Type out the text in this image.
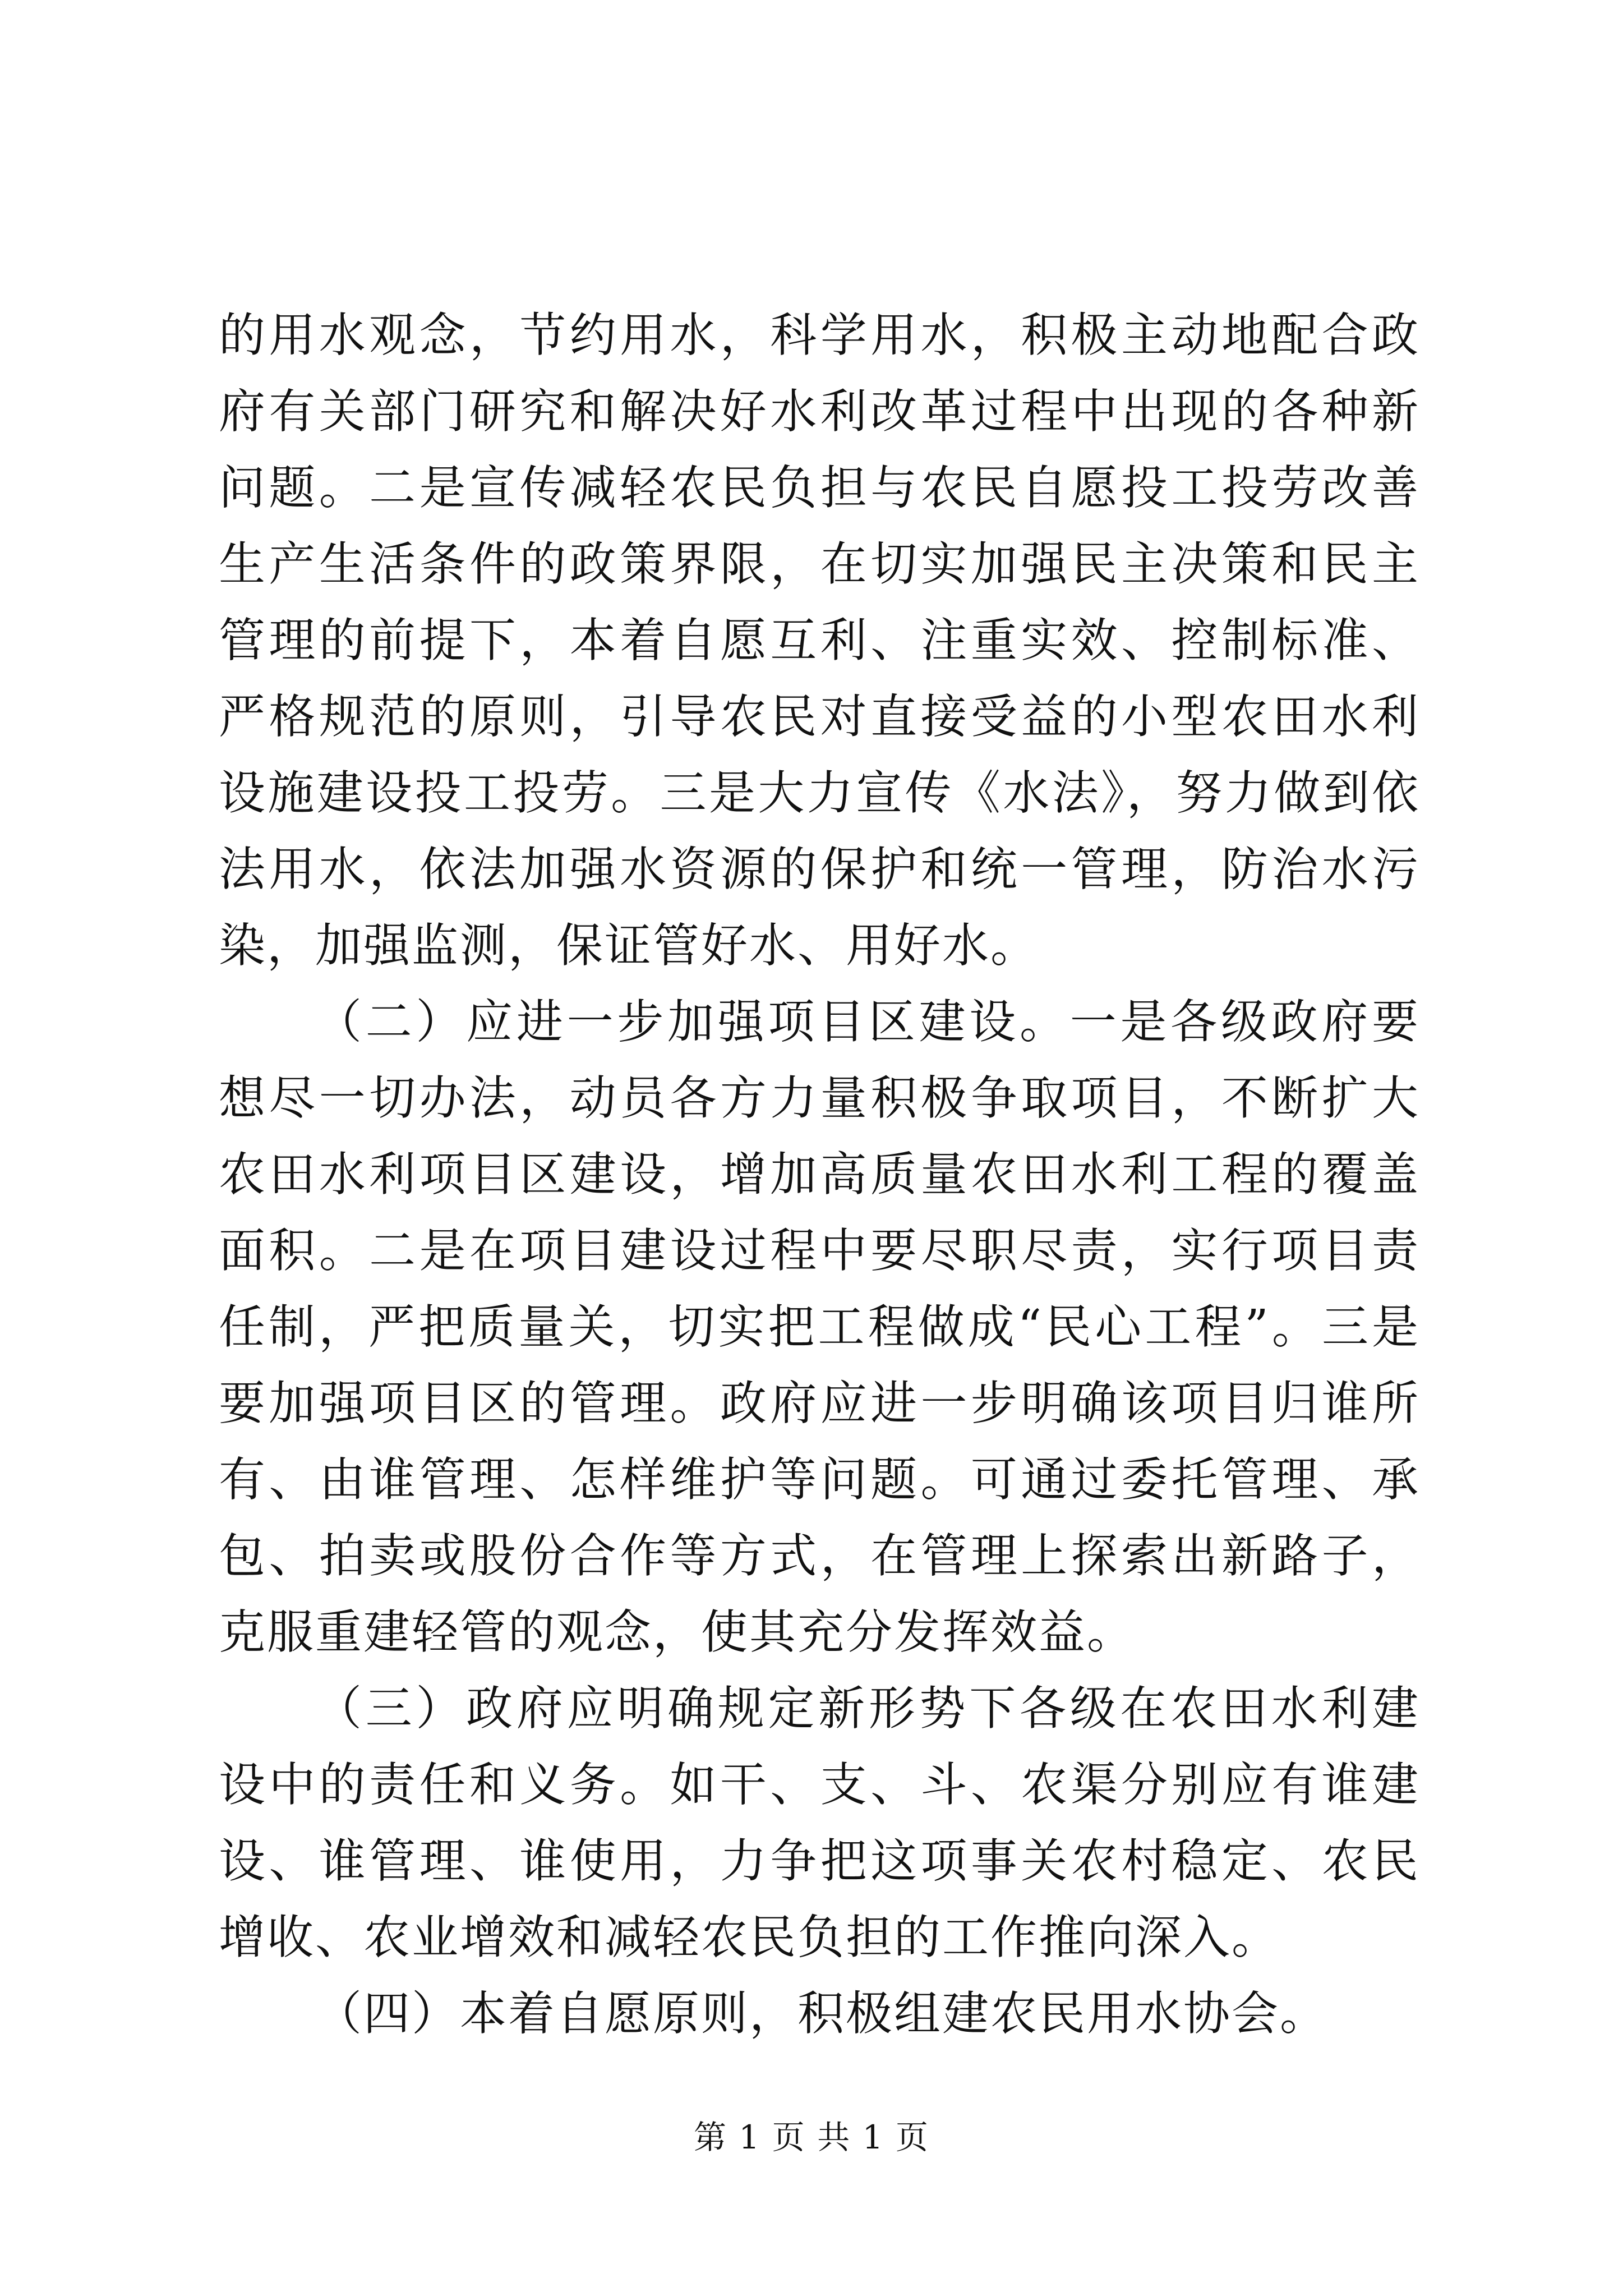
的用水观念，节约用水，科学用水，积极主动地配合政府有关部门研究和解决好水利改革过程中出现的各种新问题。二是宣传减轻农民负担与农民自愿投工投劳改善生产生活条件的政策界限，在切实加强民主决策和民主管理的前提下，本着自愿互利、注重实效、控制标准、严格规范的原则，引导农民对直接受益的小型农田水利设施建设投工投劳。三是大力宣传《水法》，努力做到依法用水，依法加强水资源的保护和统一管理，防治水污染，加强监测，保证管好水、用好水。

（二）应进一步加强项目区建设。一是各级政府要想尽一切办法，动员各方力量积极争取项目，不断扩大农田水利项目区建设，增加高质量农田水利工程的覆盖面积。二是在项目建设过程中要尽职尽责，实行项目责任制，严把质量关，切实把工程做成“民心工程”。三是要加强项目区的管理。政府应进一步明确该项目归谁所有、由谁管理、怎样维护等问题。可通过委托管理、承包、拍卖或股份合作等方式，在管理上探索出新路子，克服重建轻管的观念，使其充分发挥效益。

（三）政府应明确规定新形势下各级在农田水利建设中的责任和义务。如干、支、斗、农渠分别应有谁建设、谁管理、谁使用，力争把这项事关农村稳定、农民增收、农业增效和减轻农民负担的工作推向深入。

（四）本着自愿原则，积极组建农民用水协会。

第 1 页 共 1 页
